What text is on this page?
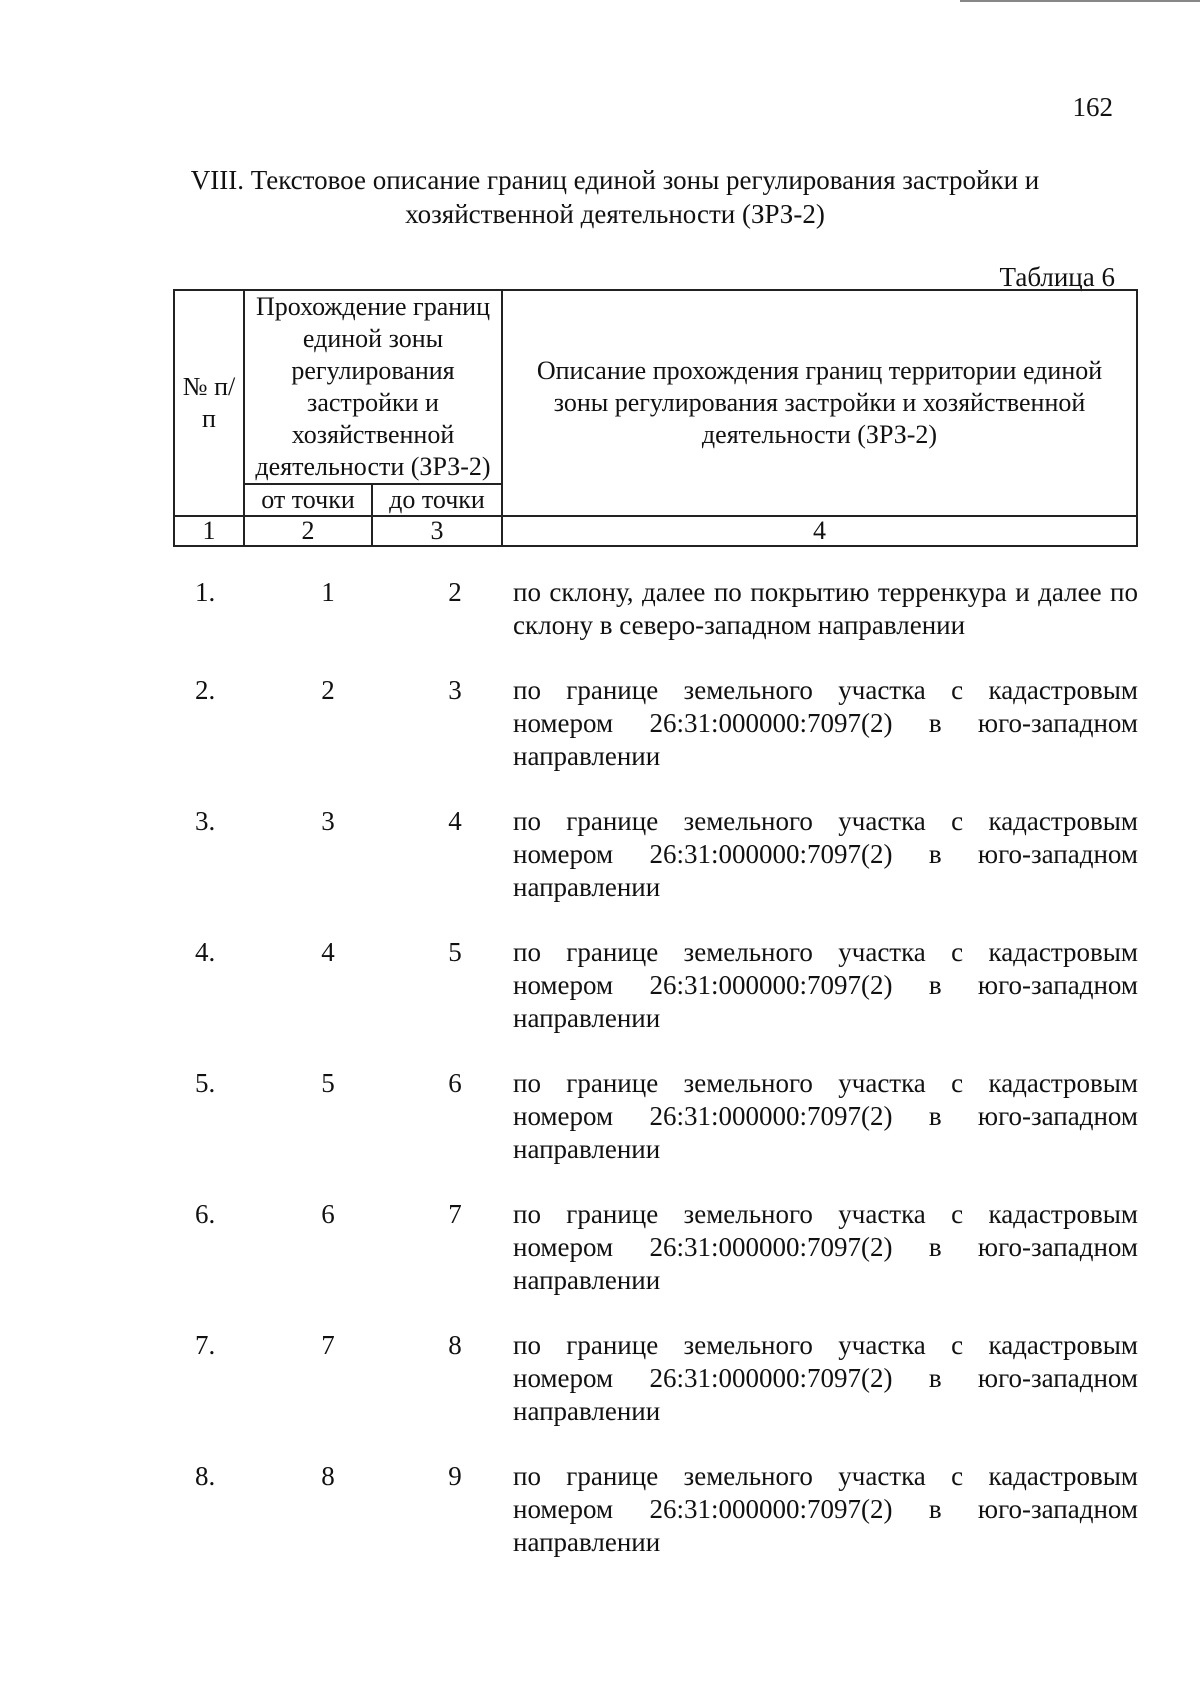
162
VIII. Текстовое описание границ единой зоны регулирования застройки и
хозяйственной деятельности (ЗРЗ-2)
Таблица 6
№ п/п	Прохождение границ единой зоны регулирования застройки и хозяйственной деятельности (ЗРЗ-2)		Описание прохождения границ территории единой зоны регулирования застройки и хозяйственной деятельности (ЗРЗ-2)
	от точки	до точки	
1	2	3	4
1.	1	2	по склону, далее по покрытию терренкура и далее по склону в северо-западном направлении
2.	2	3	по границе земельного участка с кадастровым номером 26:31:000000:7097(2) в юго-западном направлении
3.	3	4	по границе земельного участка с кадастровым номером 26:31:000000:7097(2) в юго-западном направлении
4.	4	5	по границе земельного участка с кадастровым номером 26:31:000000:7097(2) в юго-западном направлении
5.	5	6	по границе земельного участка с кадастровым номером 26:31:000000:7097(2) в юго-западном направлении
6.	6	7	по границе земельного участка с кадастровым номером 26:31:000000:7097(2) в юго-западном направлении
7.	7	8	по границе земельного участка с кадастровым номером 26:31:000000:7097(2) в юго-западном направлении
8.	8	9	по границе земельного участка с кадастровым номером 26:31:000000:7097(2) в юго-западном направлении
